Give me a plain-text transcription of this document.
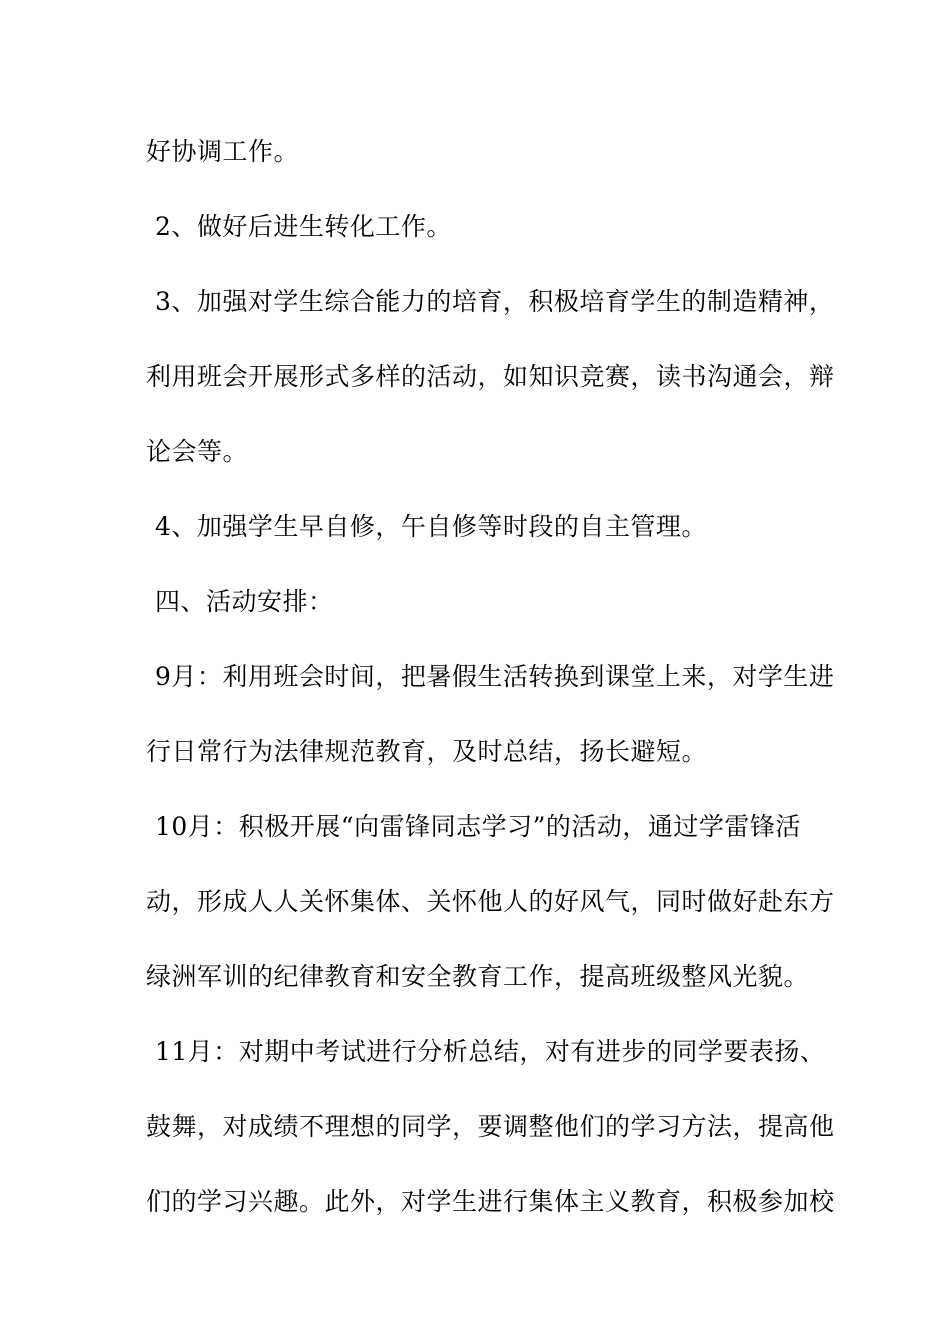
好协调工作。
2、做好后进生转化工作。
3、加强对学生综合能力的培育，积极培育学生的制造精神，
利用班会开展形式多样的活动，如知识竞赛，读书沟通会，辩
论会等。
4、加强学生早自修，午自修等时段的自主管理。
四、活动安排：
9月：利用班会时间，把暑假生活转换到课堂上来，对学生进
行日常行为法律规范教育，及时总结，扬长避短。
10月：积极开展“向雷锋同志学习”的活动，通过学雷锋活
动，形成人人关怀集体、关怀他人的好风气，同时做好赴东方
绿洲军训的纪律教育和安全教育工作，提高班级整风光貌。
11月：对期中考试进行分析总结，对有进步的同学要表扬、
鼓舞，对成绩不理想的同学，要调整他们的学习方法，提高他
们的学习兴趣。此外，对学生进行集体主义教育，积极参加校
